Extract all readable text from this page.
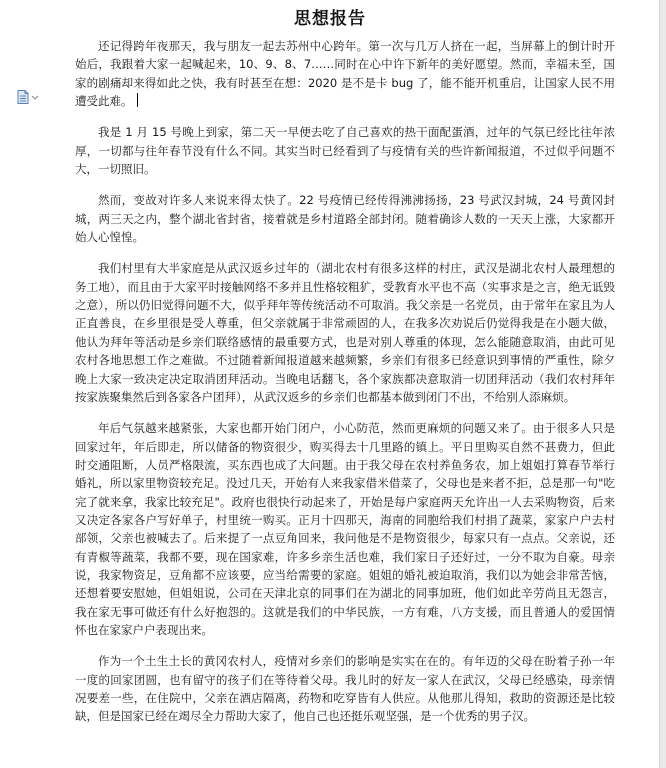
思想报告

还记得跨年夜那天，我与朋友一起去苏州中心跨年。第一次与几万人挤在一起，当屏幕上的倒计时开始后，我跟着大家一起喊起来，10、9、8、7……同时在心中许下新年的美好愿望。然而，幸福未至，国家的剧痛却来得如此之快，我有时甚至在想：2020 是不是卡 bug 了，能不能开机重启，让国家人民不用遭受此难。

我是 1 月 15 号晚上到家，第二天一早便去吃了自己喜欢的热干面配蛋酒，过年的气氛已经比往年浓厚，一切都与往年春节没有什么不同。其实当时已经看到了与疫情有关的些许新闻报道，不过似乎问题不大，一切照旧。

然而，变故对许多人来说来得太快了。22 号疫情已经传得沸沸扬扬，23 号武汉封城，24 号黄冈封城，两三天之内，整个湖北省封省，接着就是乡村道路全部封闭。随着确诊人数的一天天上涨，大家都开始人心惶惶。

我们村里有大半家庭是从武汉返乡过年的（湖北农村有很多这样的村庄，武汉是湖北农村人最理想的务工地），而且由于大家平时接触网络不多并且性格较粗犷，受教育水平也不高（实事求是之言，绝无诋毁之意），所以仍旧觉得问题不大，似乎拜年等传统活动不可取消。我父亲是一名党员，由于常年在家且为人正直善良，在乡里很是受人尊重，但父亲就属于非常顽固的人，在我多次劝说后仍觉得我是在小题大做，他认为拜年等活动是乡亲们联络感情的最重要方式，也是对别人尊重的体现，怎么能随意取消，由此可见农村各地思想工作之难做。不过随着新闻报道越来越频繁，乡亲们有很多已经意识到事情的严重性，除夕晚上大家一致决定决定取消团拜活动。当晚电话翻飞，各个家族都决意取消一切团拜活动（我们农村拜年按家族聚集然后到各家各户团拜），从武汉返乡的乡亲们也都基本做到闭门不出，不给别人添麻烦。

年后气氛越来越紧张，大家也都开始门闭户，小心防范，然而更麻烦的问题又来了。由于很多人只是回家过年，年后即走，所以储备的物资很少，购买得去十几里路的镇上。平日里购买自然不甚费力，但此时交通阻断，人员严格限流，买东西也成了大问题。由于我父母在农村养鱼务农，加上姐姐打算春节举行婚礼，所以家里物资较充足。没过几天，开始有人来我家借米借菜了，父母也是来者不拒，总是那一句"吃完了就来拿，我家比较充足"。政府也很快行动起来了，开始是每户家庭两天允许出一人去采购物资，后来又决定各家各户写好单子，村里统一购买。正月十四那天，海南的同胞给我们村捐了蔬菜，家家户户去村部领，父亲也被喊去了。后来提了一点豆角回来，我问他是不是物资很少，每家只有一点点。父亲说，还有青椒等蔬菜，我都不要，现在国家难，许多乡亲生活也难，我们家日子还好过，一分不取为自豪。母亲说，我家物资足，豆角都不应该要，应当给需要的家庭。姐姐的婚礼被迫取消，我们以为她会非常苦恼，还想着要安慰她，但姐姐说，公司在天津北京的同事们在为湖北的同事加班，他们如此辛劳尚且无怨言，我在家无事可做还有什么好抱怨的。这就是我们的中华民族，一方有难，八方支援，而且普通人的爱国情怀也在家家户户表现出来。

作为一个土生土长的黄冈农村人，疫情对乡亲们的影响是实实在在的。有年迈的父母在盼着子孙一年一度的回家团圆，也有留守的孩子们在等待着父母。我儿时的好友一家人在武汉，父母已经感染，母亲情况要差一些，在住院中，父亲在酒店隔离，药物和吃穿皆有人供应。从他那儿得知，救助的资源还是比较缺，但是国家已经在竭尽全力帮助大家了，他自己也还挺乐观坚强，是一个优秀的男子汉。
